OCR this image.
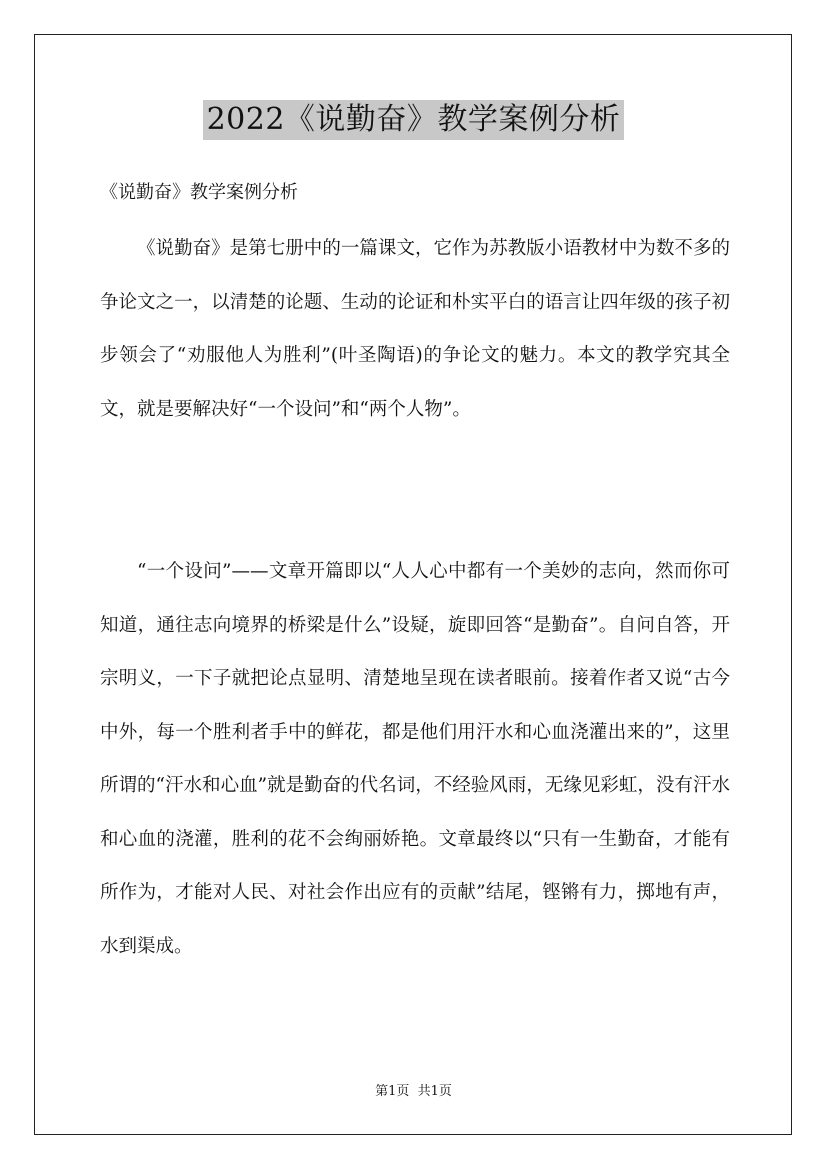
2022《说勤奋》教学案例分析

《说勤奋》教学案例分析

《说勤奋》是第七册中的一篇课文，它作为苏教版小语教材中为数不多的争论文之一，以清楚的论题、生动的论证和朴实平白的语言让四年级的孩子初步领会了“劝服他人为胜利”(叶圣陶语)的争论文的魅力。本文的教学究其全文，就是要解决好“一个设问”和“两个人物”。

“一个设问”——文章开篇即以“人人心中都有一个美妙的志向，然而你可知道，通往志向境界的桥梁是什么”设疑，旋即回答“是勤奋”。自问自答，开宗明义，一下子就把论点显明、清楚地呈现在读者眼前。接着作者又说“古今中外，每一个胜利者手中的鲜花，都是他们用汗水和心血浇灌出来的”，这里所谓的“汗水和心血”就是勤奋的代名词，不经验风雨，无缘见彩虹，没有汗水和心血的浇灌，胜利的花不会绚丽娇艳。文章最终以“只有一生勤奋，才能有所作为，才能对人民、对社会作出应有的贡献”结尾，铿锵有力，掷地有声，水到渠成。

第1页 共1页
